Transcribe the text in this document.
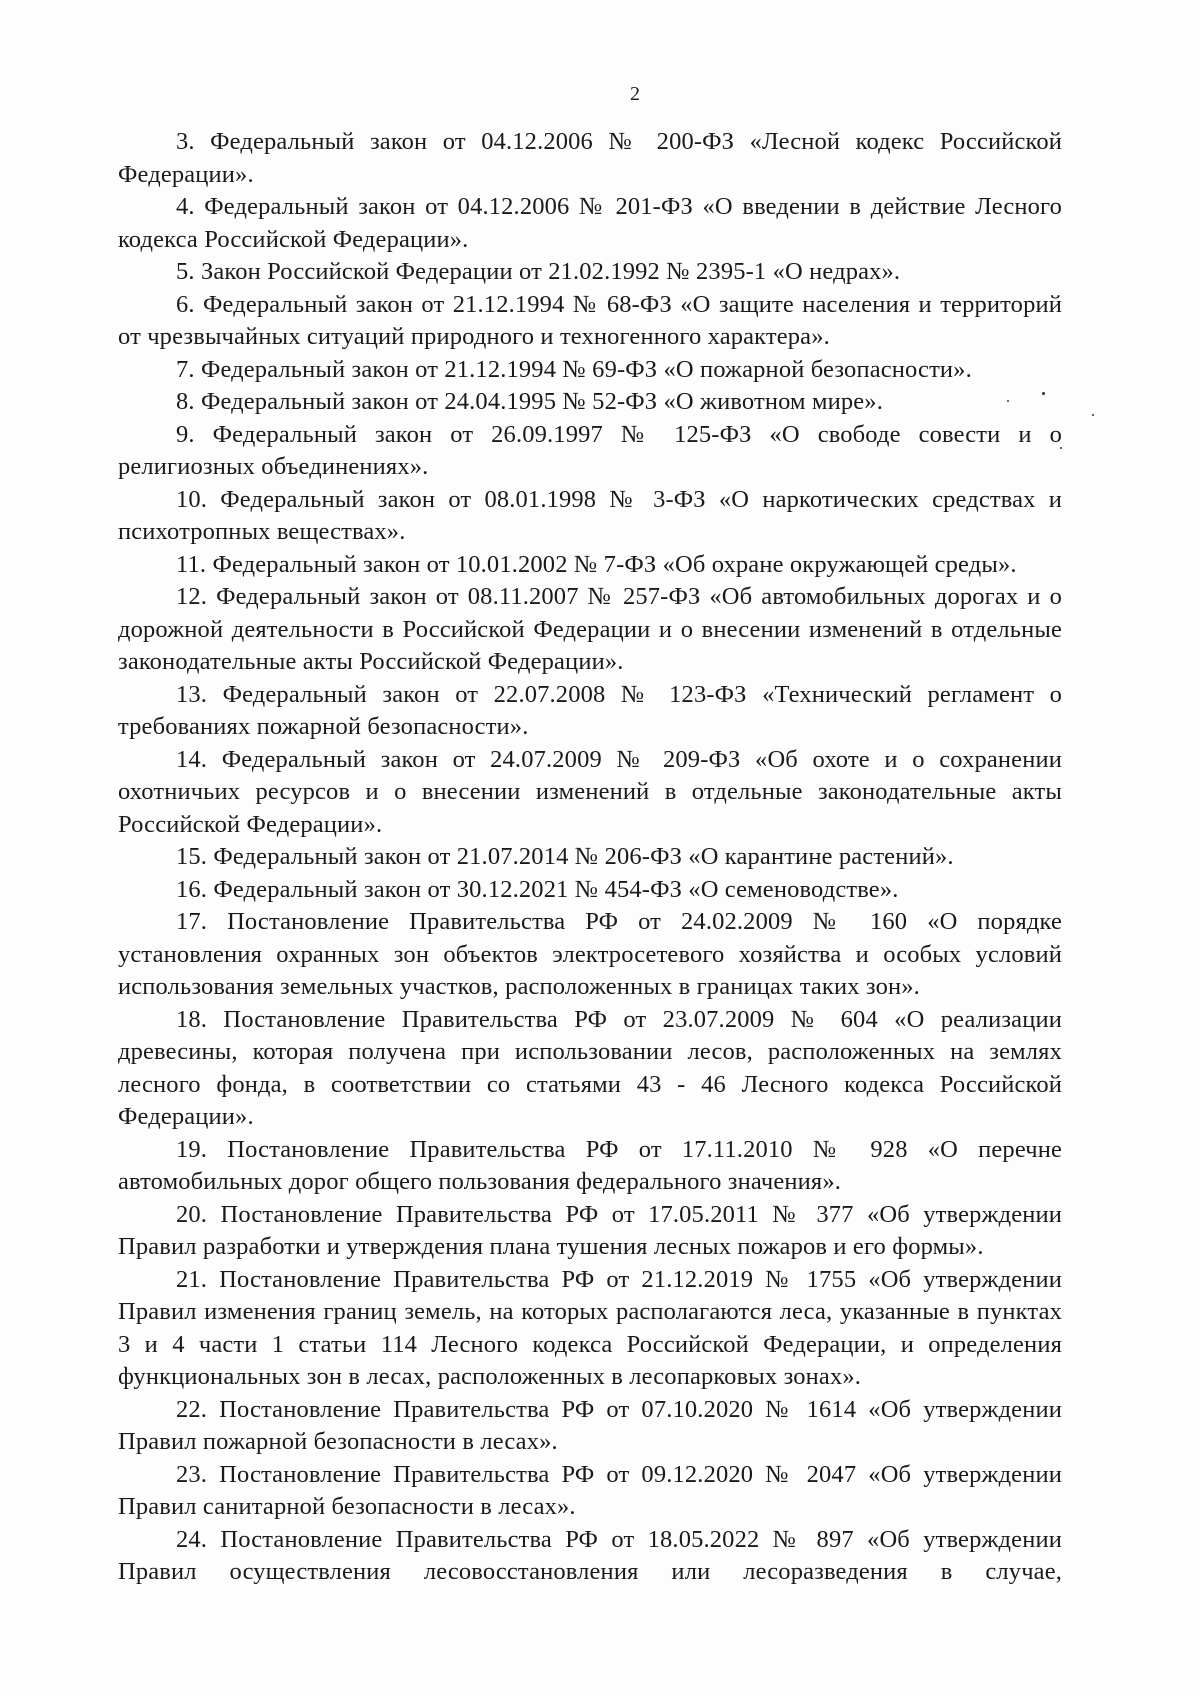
2

3. Федеральный закон от 04.12.2006 № 200-ФЗ «Лесной кодекс Российской Федерации».

4. Федеральный закон от 04.12.2006 № 201-ФЗ «О введении в действие Лесного кодекса Российской Федерации».

5. Закон Российской Федерации от 21.02.1992 № 2395-1 «О недрах».

6. Федеральный закон от 21.12.1994 № 68-ФЗ «О защите населения и территорий от чрезвычайных ситуаций природного и техногенного характера».

7. Федеральный закон от 21.12.1994 № 69-ФЗ «О пожарной безопасности».

8. Федеральный закон от 24.04.1995 № 52-ФЗ «О животном мире».

9. Федеральный закон от 26.09.1997 № 125-ФЗ «О свободе совести и о религиозных объединениях».

10. Федеральный закон от 08.01.1998 № 3-ФЗ «О наркотических средствах и психотропных веществах».

11. Федеральный закон от 10.01.2002 № 7-ФЗ «Об охране окружающей среды».

12. Федеральный закон от 08.11.2007 № 257-ФЗ «Об автомобильных дорогах и о дорожной деятельности в Российской Федерации и о внесении изменений в отдельные законодательные акты Российской Федерации».

13. Федеральный закон от 22.07.2008 № 123-ФЗ «Технический регламент о требованиях пожарной безопасности».

14. Федеральный закон от 24.07.2009 № 209-ФЗ «Об охоте и о сохранении охотничьих ресурсов и о внесении изменений в отдельные законодательные акты Российской Федерации».

15. Федеральный закон от 21.07.2014 № 206-ФЗ «О карантине растений».

16. Федеральный закон от 30.12.2021 № 454-ФЗ «О семеноводстве».

17. Постановление Правительства РФ от 24.02.2009 № 160 «О порядке установления охранных зон объектов электросетевого хозяйства и особых условий использования земельных участков, расположенных в границах таких зон».

18. Постановление Правительства РФ от 23.07.2009 № 604 «О реализации древесины, которая получена при использовании лесов, расположенных на землях лесного фонда, в соответствии со статьями 43 - 46 Лесного кодекса Российской Федерации».

19. Постановление Правительства РФ от 17.11.2010 № 928 «О перечне автомобильных дорог общего пользования федерального значения».

20. Постановление Правительства РФ от 17.05.2011 № 377 «Об утверждении Правил разработки и утверждения плана тушения лесных пожаров и его формы».

21. Постановление Правительства РФ от 21.12.2019 № 1755 «Об утверждении Правил изменения границ земель, на которых располагаются леса, указанные в пунктах 3 и 4 части 1 статьи 114 Лесного кодекса Российской Федерации, и определения функциональных зон в лесах, расположенных в лесопарковых зонах».

22. Постановление Правительства РФ от 07.10.2020 № 1614 «Об утверждении Правил пожарной безопасности в лесах».

23. Постановление Правительства РФ от 09.12.2020 № 2047 «Об утверждении Правил санитарной безопасности в лесах».

24. Постановление Правительства РФ от 18.05.2022 № 897 «Об утверждении Правил осуществления лесовосстановления или лесоразведения в случае,
